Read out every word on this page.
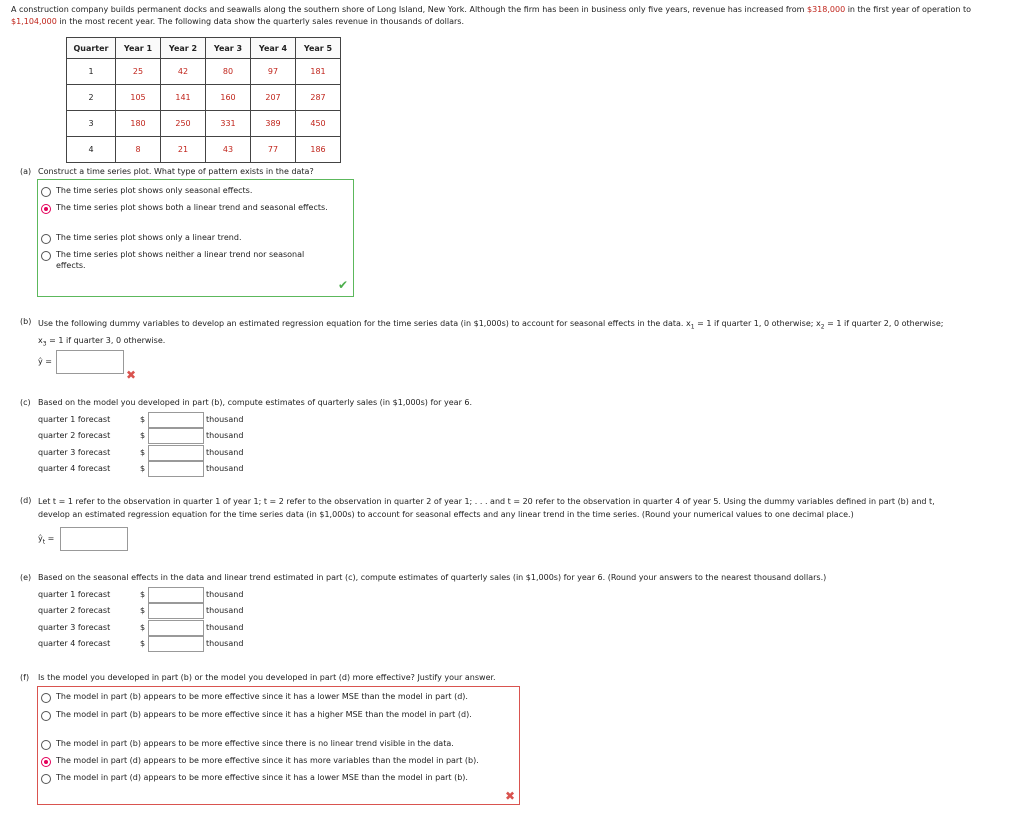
A construction company builds permanent docks and seawalls along the southern shore of Long Island, New York. Although the firm has been in business only five years, revenue has increased from $318,000 in the first year of operation to $1,104,000 in the most recent year. The following data show the quarterly sales revenue in thousands of dollars.
Quarter	Year 1	Year 2	Year 3	Year 4	Year 5
1	25	42	80	97	181
2	105	141	160	207	287
3	180	250	331	389	450
4	8	21	43	77	186
(a) Construct a time series plot. What type of pattern exists in the data?
The time series plot shows only seasonal effects.
The time series plot shows both a linear trend and seasonal effects.
The time series plot shows only a linear trend.
The time series plot shows neither a linear trend nor seasonal effects.
✔
(b) Use the following dummy variables to develop an estimated regression equation for the time series data (in $1,000s) to account for seasonal effects in the data. $x_1 = 1$ if quarter 1, 0 otherwise; $x_2 = 1$ if quarter 2, 0 otherwise;
$x_3 = 1$ if quarter 3, 0 otherwise.
ŷ =
✖
(c) Based on the model you developed in part (b), compute estimates of quarterly sales (in $1,000s) for year 6.
quarter 1 forecast	$	thousand
quarter 2 forecast	$	thousand
quarter 3 forecast	$	thousand
quarter 4 forecast	$	thousand
(d) Let t = 1 refer to the observation in quarter 1 of year 1; t = 2 refer to the observation in quarter 2 of year 1; . . . and t = 20 refer to the observation in quarter 4 of year 5. Using the dummy variables defined in part (b) and t,
develop an estimated regression equation for the time series data (in $1,000s) to account for seasonal effects and any linear trend in the time series. (Round your numerical values to one decimal place.)
$ŷ_t$ =
(e) Based on the seasonal effects in the data and linear trend estimated in part (c), compute estimates of quarterly sales (in $1,000s) for year 6. (Round your answers to the nearest thousand dollars.)
quarter 1 forecast	$	thousand
quarter 2 forecast	$	thousand
quarter 3 forecast	$	thousand
quarter 4 forecast	$	thousand
(f) Is the model you developed in part (b) or the model you developed in part (d) more effective? Justify your answer.
The model in part (b) appears to be more effective since it has a lower MSE than the model in part (d).
The model in part (b) appears to be more effective since it has a higher MSE than the model in part (d).
The model in part (b) appears to be more effective since there is no linear trend visible in the data.
The model in part (d) appears to be more effective since it has more variables than the model in part (b).
The model in part (d) appears to be more effective since it has a lower MSE than the model in part (b).
✖
